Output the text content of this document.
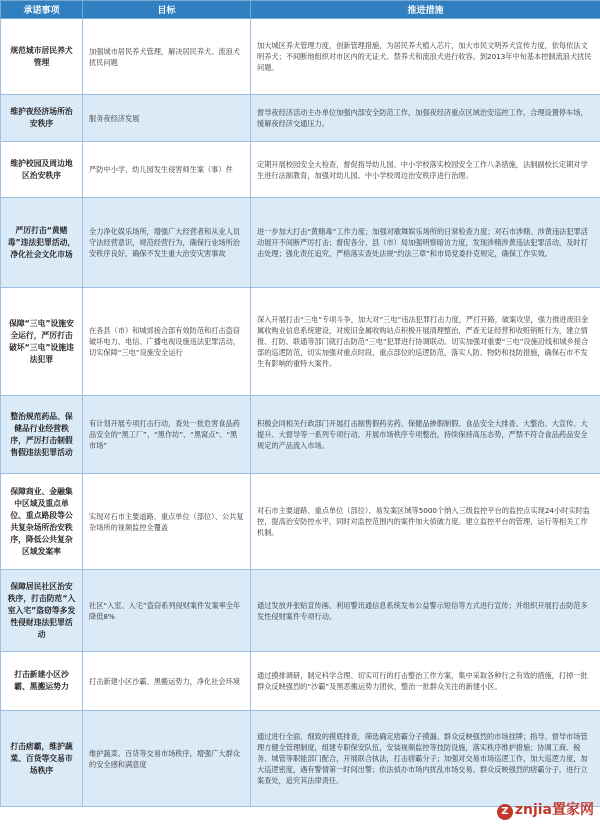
承诺事项	目标	推进措施
规范城市居民养犬管理	加强城市居民养犬管理，解决居民养犬、流浪犬扰民问题	加大城区养犬管理力度，创新管理措施，为居民养犬植入芯片，加大市民文明养犬宣传力度，依每依法文明养犬；不间断地组织对市区内的无证犬、禁养犬和流浪犬进行收容。到2013年中旬基本控制流浪犬扰民问题。
维护夜经济场所治安秩序	服务夜经济发展	督导夜经济活动主办单位加强内部安全防范工作，加强夜经济重点区域治安巡控工作，合理设置停车场，缓解夜经济交通压力。
维护校园及周边地区治安秩序	严防中小学、幼儿园发生侵害师生案（事）件	定期开展校园安全大检查，督促指导幼儿园、中小学校落实校园安全工作八条措施，法制副校长定期对学生进行法制教育，加强对幼儿园、中小学校周边治安秩序进行治理。
严厉打击“黄赌毒”违法犯罪活动，净化社会文化市场	全力净化娱乐场所，增强广大经营者和从业人员守法经营意识，规范经营行为，确保行业场所治安秩序良好，确保不发生重大治安灾害事故	进一步加大打击“黄赌毒”工作力度；加强对歌舞娱乐场所的日常检查力度；对石市涉赌、涉黄违法犯罪活动展开不间断严厉打击；督促各分、县（市）局加强明察暗访力度，发现涉赌涉黄违法犯罪活动，及时打击处理；强化责任追究，严格落实查处法规“约法三章”和市局党委扑克规定，确保工作实效。
保障“三电”设施安全运行，严厉打击破坏“三电”设施违法犯罪	在各县（市）和城郊接合部有效防范和打击盗窃破坏电力、电信、广播电视设施违法犯罪活动，切实保障“三电”设施安全运行	深入开展打击“三电”专项斗争，加大对“三电”违法犯罪打击力度，严打开路，破案攻坚，强力推进废旧金属收购业信息系统建设，对废旧金属收购站点积极开展清理整治，严查无证经营和收赃销赃行为，建立情报、打防、联通等部门就打击防范“三电”犯罪进行协调联动。切实加强对重要“三电”设施沿线和城乡接合部的巡逻防范，切实加强对重点时段、重点部位的巡逻防范，落实人防、物防和技防措施，确保石市不发生有影响的重特大案件。
整治规范药品、保健品行业经营秩序，严厉打击制假售假违法犯罪活动	有计划开展专项打击行动，查处一批危害食品药品安全的“黑工厂”、“黑作坊”、“黑窝点”、“黑市场”	积极会同相关行政部门开展打击制售假药劣药、保健品掺假制假、食品安全大排查、大整治、大宣传、大提升、大督导等一系列专项行动。开展市场秩序专项整治，持续保持高压态势，严禁不符合食品药品安全规定的产品流入市场。
保障商业、金融集中区域及重点单位、重点路段等公共复杂场所治安秩序，降低公共复杂区域发案率	实现对石市主要道路、重点单位（部位）、公共复杂场所的视频监控全覆盖	对石市主要道路、重点单位（部位）、易发案区域等5000个纳入三级监控平台的监控点实现24小时实时监控，提高治安防控水平，同时对监控范围内的案件加大侦破力度。建立监控平台的管理、运行等相关工作机制。
保障居民社区治安秩序，打击防范“入室入宅”盗窃等多发性侵财违法犯罪活动	社区“入室、入宅”盗窃系列侵财案件发案率全年降低8%	通过发放并张贴宣传画、利用警讯通信息系统发布公益警示短信等方式进行宣传；并组织开展打击防范多发性侵财案件专项行动。
打击新建小区沙霸、黑搬运势力	打击新建小区沙霸、黑搬运势力，净化社会环境	通过摸排调研，制定科学合理、切实可行的打击整治工作方案，集中采取各种行之有效的措施，打掉一批群众反映强烈的“沙霸”及黑恶搬运势力团伙，整治一批群众关注的新建小区。
打击痞霸，维护蔬菜、百货等交易市场秩序	维护蔬菜、百货等交易市场秩序，增强广大群众的安全感和满意度	通过进行全面、细致的摸底排查，筛选确定痞霸分子摸漏、群众反映强烈的市场挂牌；指导、督导市场管理方健全管理制度，组建专职保安队伍，安装视频监控等技防设施，落实秩序维护措施；协调工商、税务、城管等职能部门配合，开展联合执法，打击痞霸分子；加强对交易市场巡逻工作，加大巡逻力度，加大巡逻密度，遇有警情第一时间出警；依法侦办市场内扰乱市场交易、群众反映强烈的痞霸分子，进行立案查处，追究其法律责任。
Z znjia置家网
